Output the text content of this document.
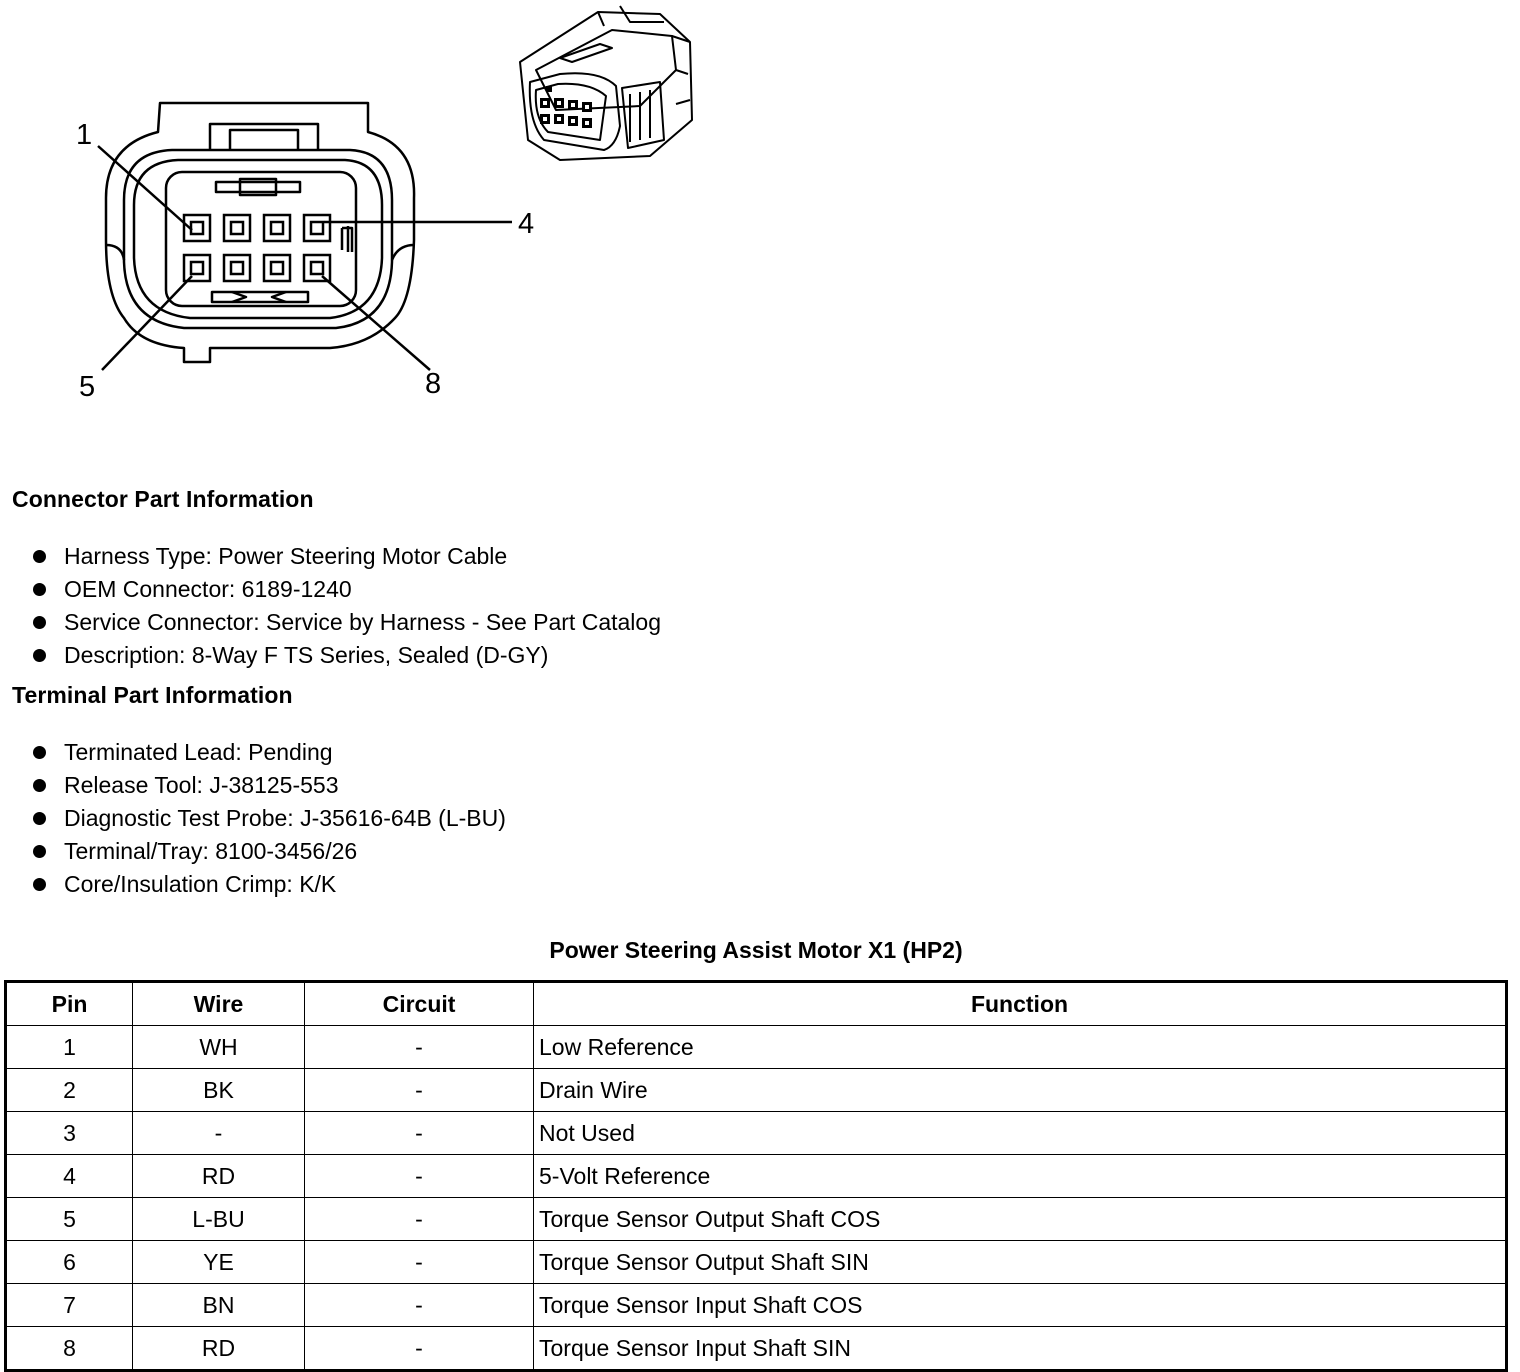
1
4
5	8
Connector Part Information
Harness Type: Power Steering Motor Cable
OEM Connector: 6189-1240
Service Connector: Service by Harness - See Part Catalog
Description: 8-Way F TS Series, Sealed (D-GY)
Terminal Part Information
Terminated Lead: Pending
Release Tool: J-38125-553
Diagnostic Test Probe: J-35616-64B (L-BU)
Terminal/Tray: 8100-3456/26
Core/Insulation Crimp: K/K
Power Steering Assist Motor X1 (HP2)
Pin	Wire	Circuit	Function
1	WH	-	Low Reference
2	BK	-	Drain Wire
3	-	-	Not Used
4	RD	-	5-Volt Reference
5	L-BU	-	Torque Sensor Output Shaft COS
6	YE	-	Torque Sensor Output Shaft SIN
7	BN	-	Torque Sensor Input Shaft COS
8	RD	-	Torque Sensor Input Shaft SIN
